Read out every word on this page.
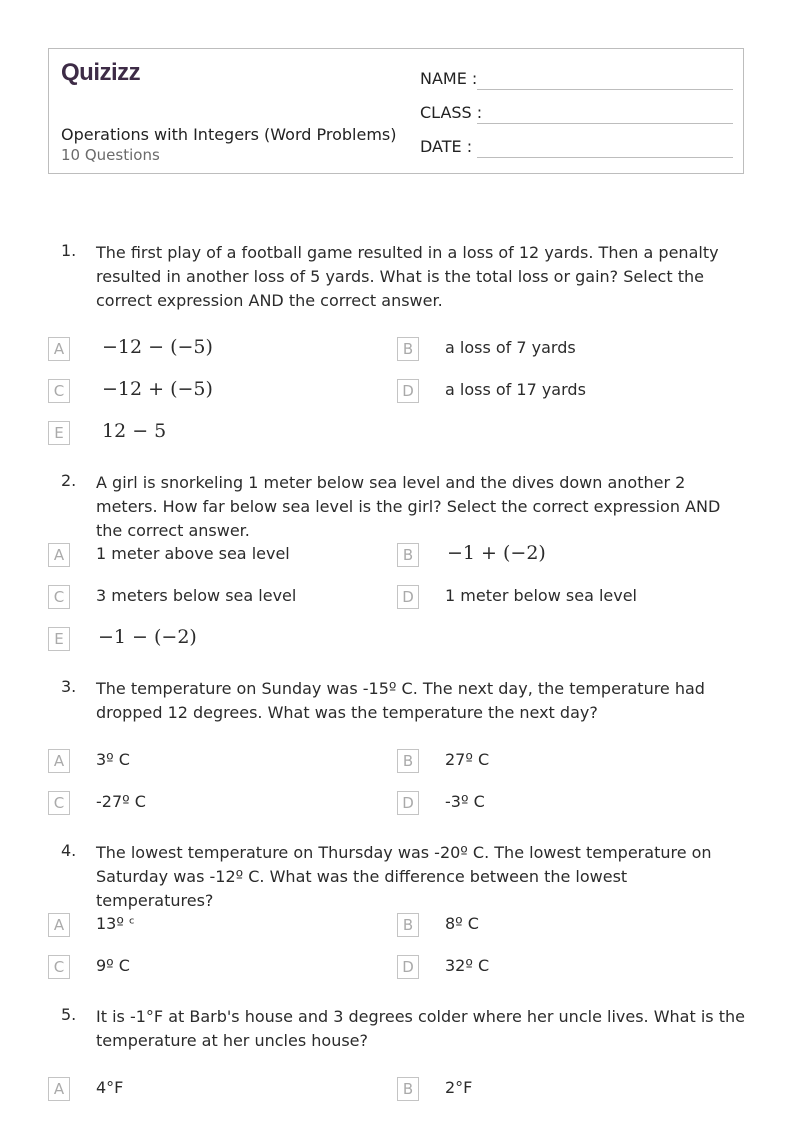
Quizizz
Operations with Integers (Word Problems)
10 Questions
NAME :
CLASS :
DATE :
1. The first play of a football game resulted in a loss of 12 yards. Then a penalty resulted in another loss of 5 yards. What is the total loss or gain? Select the correct expression AND the correct answer.
A	−12 − (−5)	B	a loss of 7 yards
C	−12 + (−5)	D	a loss of 17 yards
E	12 − 5
2. A girl is snorkeling 1 meter below sea level and the dives down another 2 meters. How far below sea level is the girl? Select the correct expression AND the correct answer.
A	1 meter above sea level	B	−1 + (−2)
C	3 meters below sea level	D	1 meter below sea level
E	−1 − (−2)
3. The temperature on Sunday was -15º C. The next day, the temperature had dropped 12 degrees. What was the temperature the next day?
A	3º C	B	27º C
C	-27º C	D	-3º C
4. The lowest temperature on Thursday was -20º C. The lowest temperature on Saturday was -12º C. What was the difference between the lowest temperatures?
A	13º ᶜ	B	8º C
C	9º C	D	32º C
5. It is -1°F at Barb's house and 3 degrees colder where her uncle lives. What is the temperature at her uncles house?
A	4°F	B	2°F
